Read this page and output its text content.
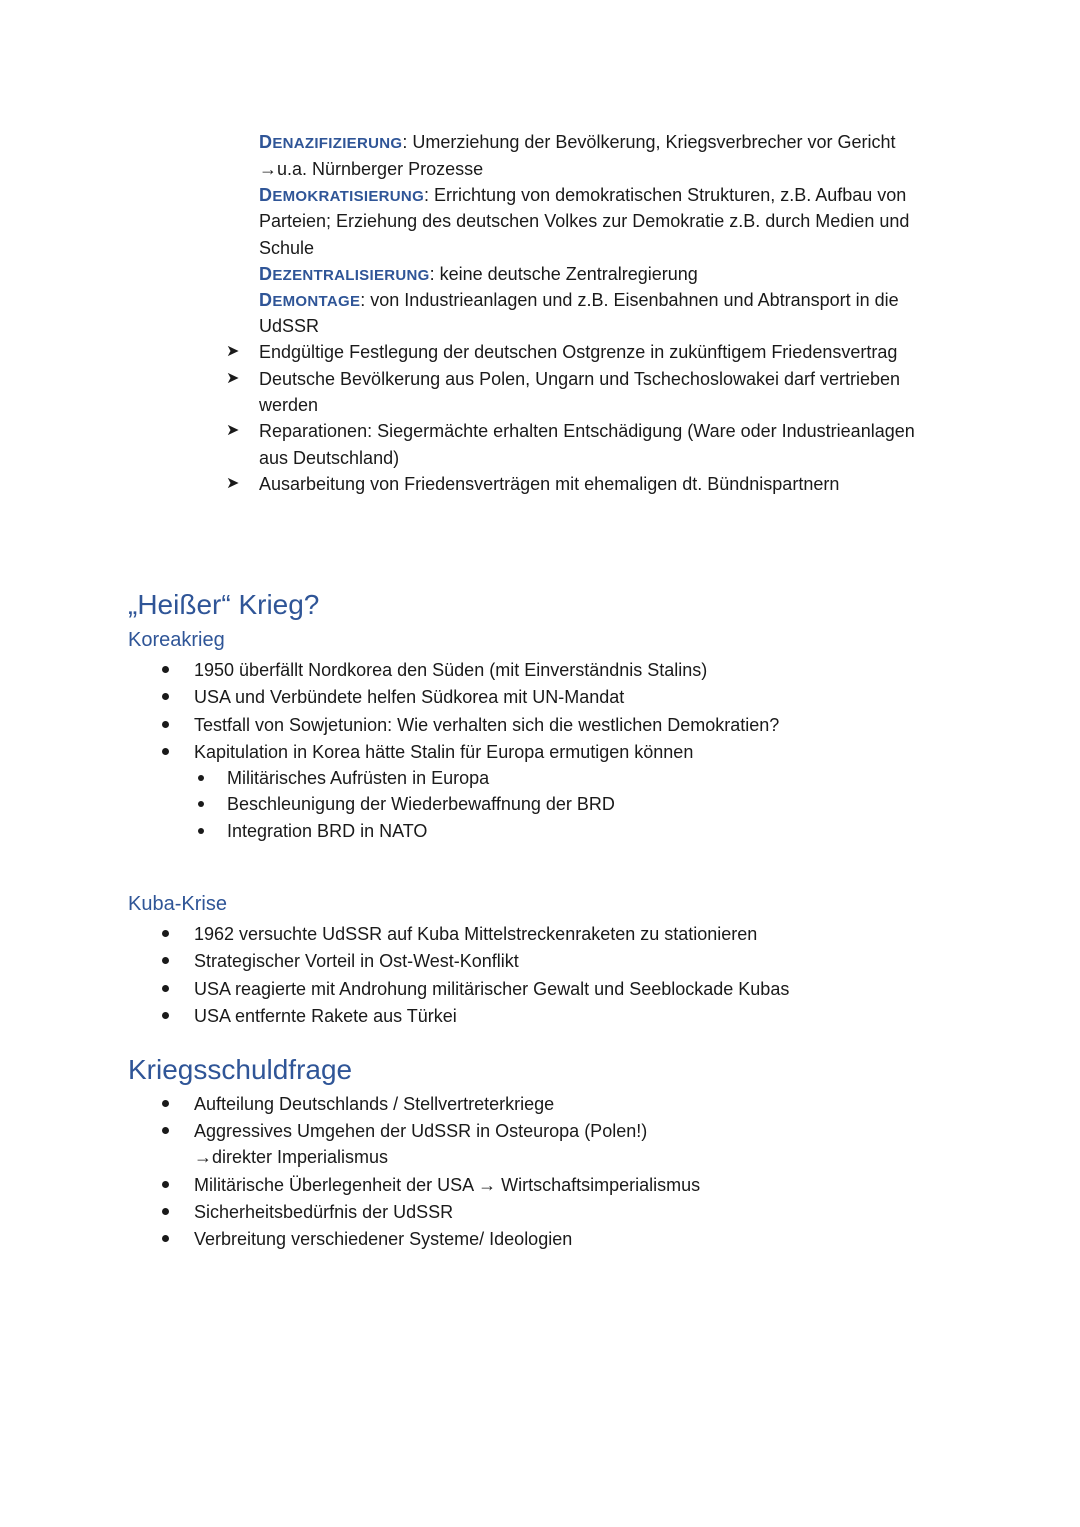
DENAZIFIZIERUNG: Umerziehung der Bevölkerung, Kriegsverbrecher vor Gericht
→u.a. Nürnberger Prozesse
DEMOKRATISIERUNG: Errichtung von demokratischen Strukturen, z.B. Aufbau von
Parteien; Erziehung des deutschen Volkes zur Demokratie z.B. durch Medien und
Schule
DEZENTRALISIERUNG: keine deutsche Zentralregierung
DEMONTAGE: von Industrieanlagen und z.B. Eisenbahnen und Abtransport in die
UdSSR
➤ Endgültige Festlegung der deutschen Ostgrenze in zukünftigem Friedensvertrag
➤ Deutsche Bevölkerung aus Polen, Ungarn und Tschechoslowakei darf vertrieben
werden
➤ Reparationen: Siegermächte erhalten Entschädigung (Ware oder Industrieanlagen
aus Deutschland)
➤ Ausarbeitung von Friedensverträgen mit ehemaligen dt. Bündnispartnern
„Heißer“ Krieg?
Koreakrieg
1950 überfällt Nordkorea den Süden (mit Einverständnis Stalins)
USA und Verbündete helfen Südkorea mit UN-Mandat
Testfall von Sowjetunion: Wie verhalten sich die westlichen Demokratien?
Kapitulation in Korea hätte Stalin für Europa ermutigen können
Militärisches Aufrüsten in Europa
Beschleunigung der Wiederbewaffnung der BRD
Integration BRD in NATO
Kuba-Krise
1962 versuchte UdSSR auf Kuba Mittelstreckenraketen zu stationieren
Strategischer Vorteil in Ost-West-Konflikt
USA reagierte mit Androhung militärischer Gewalt und Seeblockade Kubas
USA entfernte Rakete aus Türkei
Kriegsschuldfrage
Aufteilung Deutschlands / Stellvertreterkriege
Aggressives Umgehen der UdSSR in Osteuropa (Polen!)
→direkter Imperialismus
Militärische Überlegenheit der USA → Wirtschaftsimperialismus
Sicherheitsbedürfnis der UdSSR
Verbreitung verschiedener Systeme/ Ideologien
